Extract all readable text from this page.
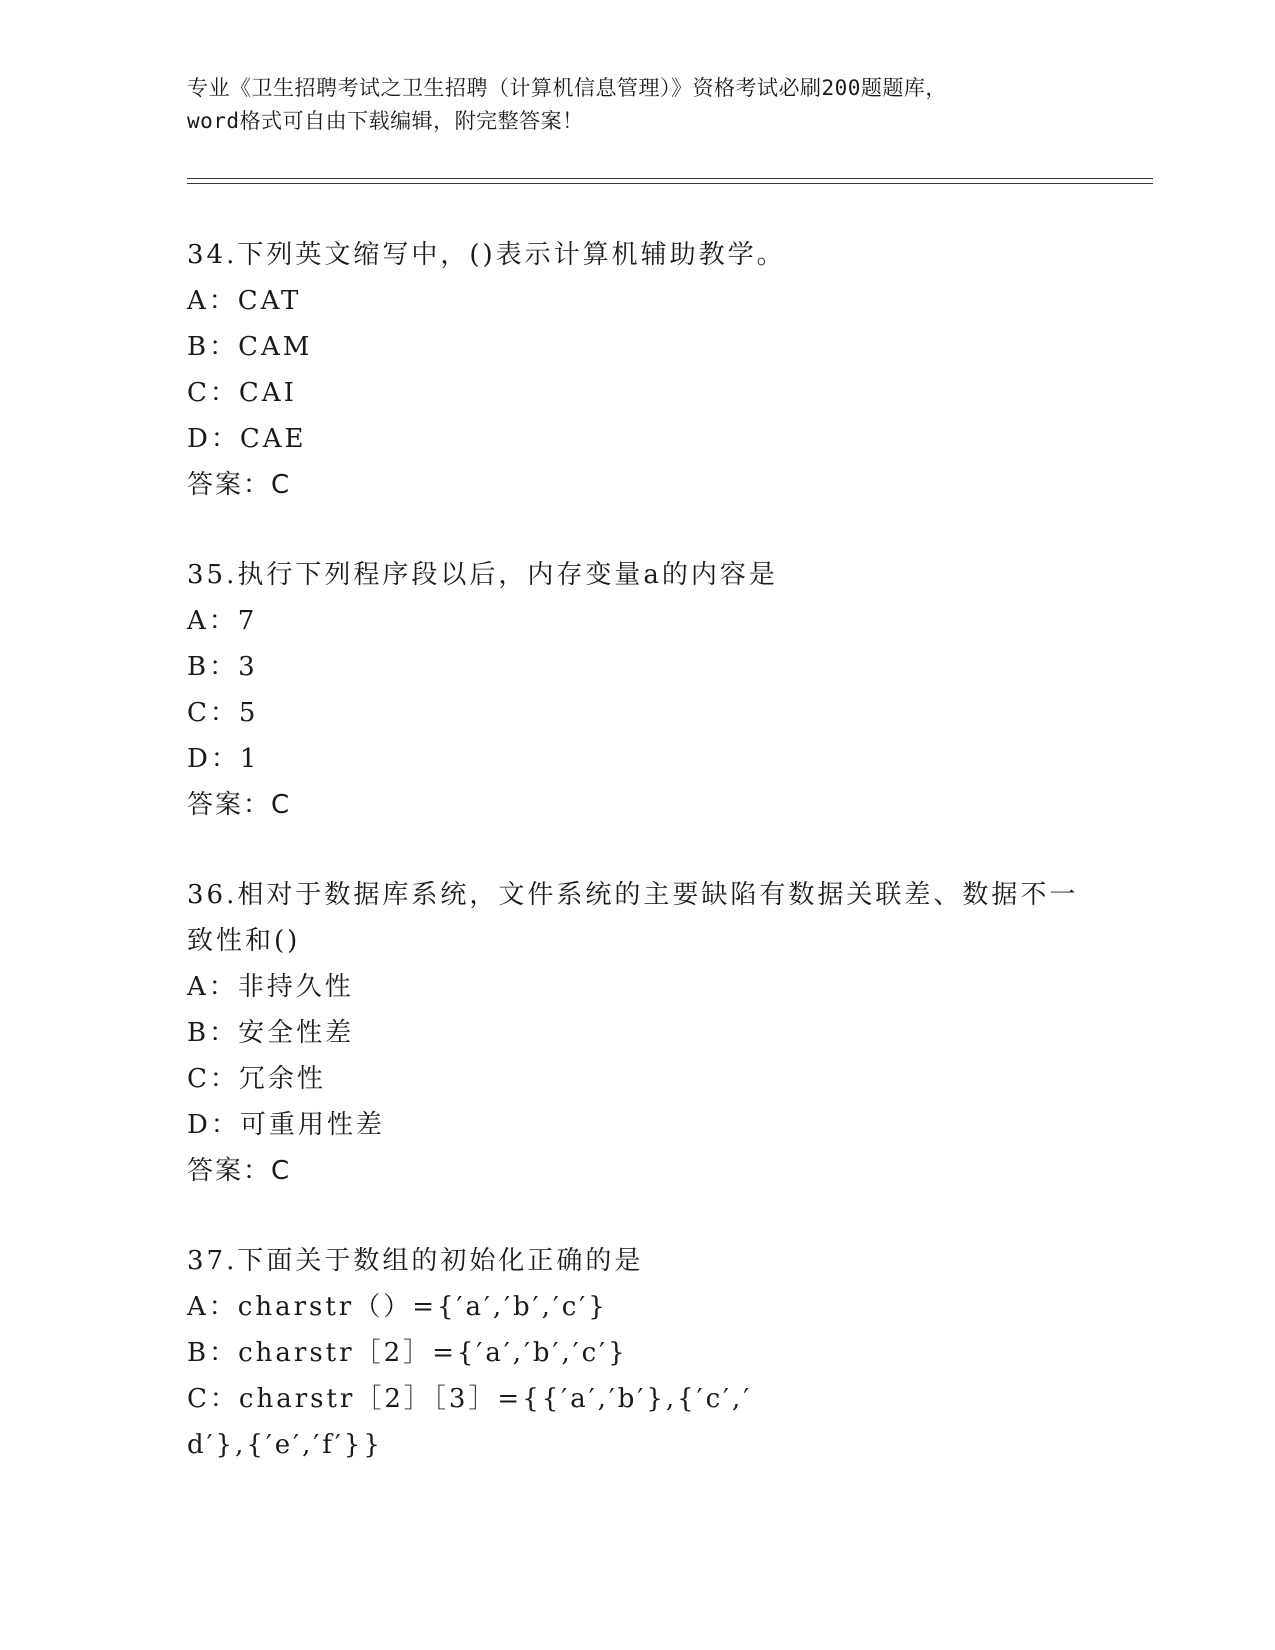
专业《卫生招聘考试之卫生招聘（计算机信息管理）》资格考试必刷200题题库，
word格式可自由下载编辑，附完整答案！
34.下列英文缩写中，()表示计算机辅助教学。
A：CAT
B：CAM
C：CAI
D：CAE
答案：C
35.执行下列程序段以后，内存变量a的内容是
A：7
B：3
C：5
D：1
答案：C
36.相对于数据库系统，文件系统的主要缺陷有数据关联差、数据不一致性和()
A：非持久性
B：安全性差
C：冗余性
D：可重用性差
答案：C
37.下面关于数组的初始化正确的是
A：charstr（）={′a′,′b′,′c′}
B：charstr［2］={′a′,′b′,′c′}
C：charstr［2］［3］={{′a′,′b′},{′c′,′d′},{′e′,′f′}}
